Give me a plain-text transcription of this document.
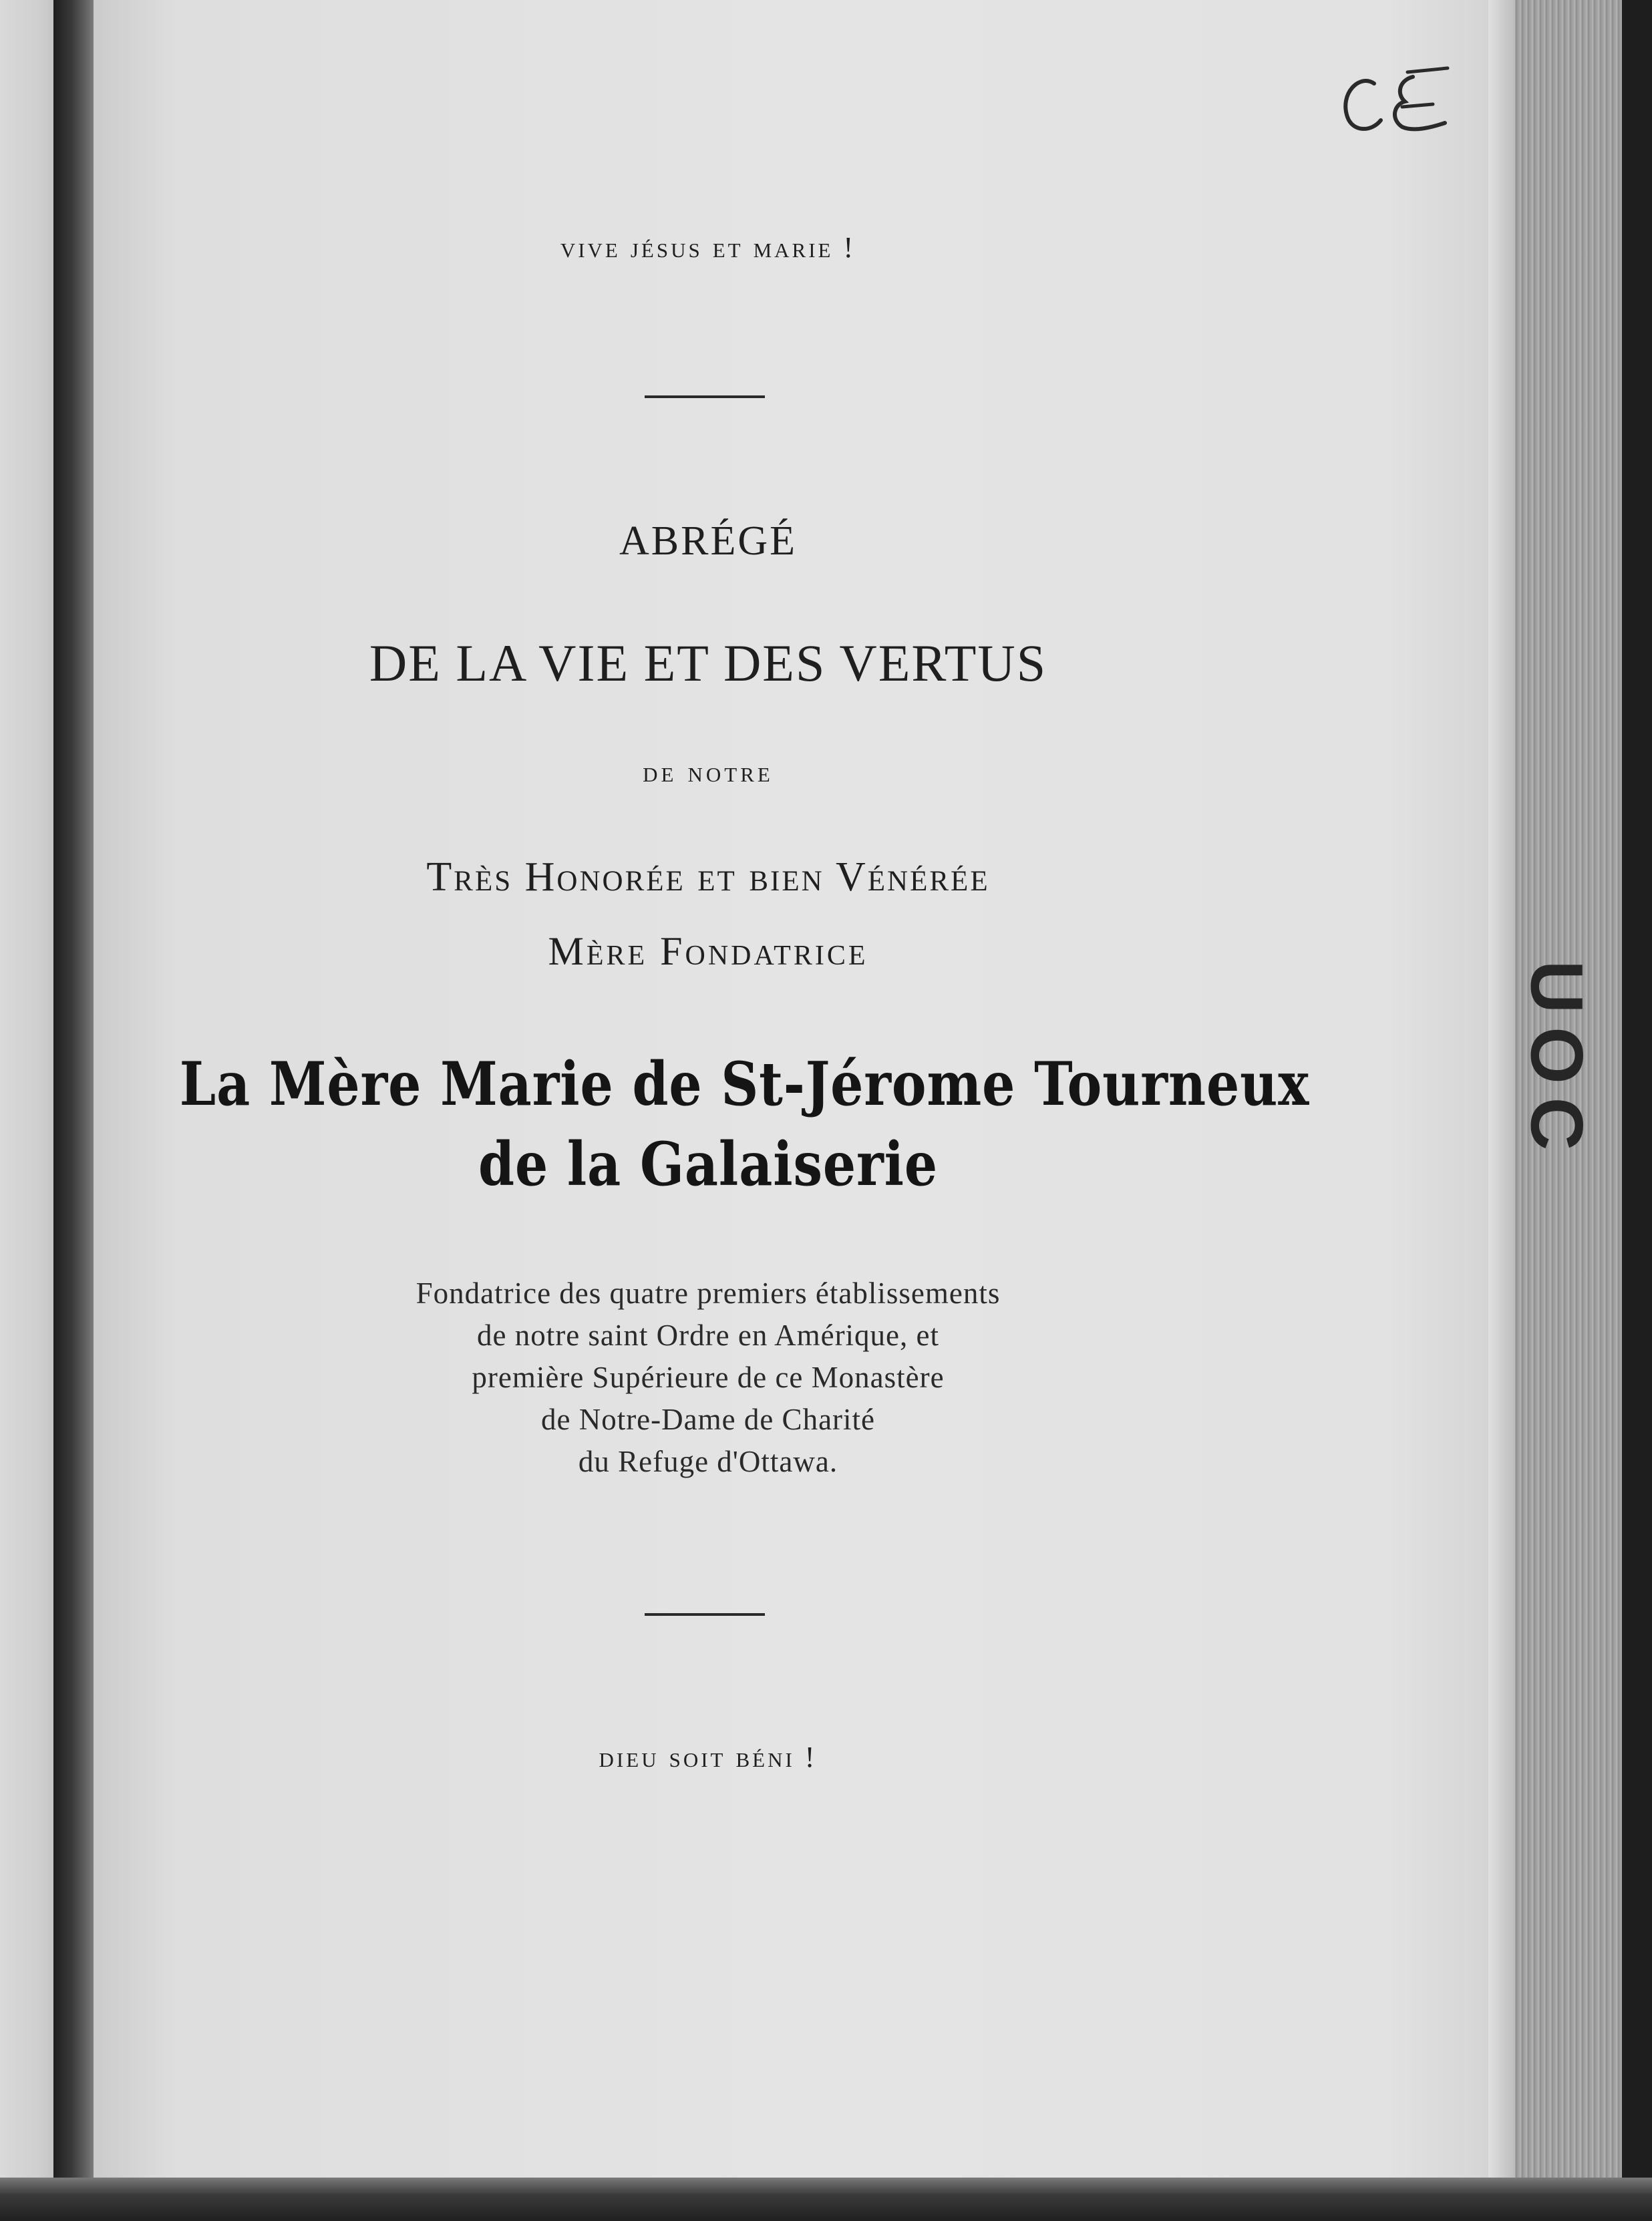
vive jésus et marie !
ABRÉGÉ
DE LA VIE ET DES VERTUS
de notre
Très Honorée et bien Vénérée
Mère Fondatrice
La Mère Marie de St-Jérome Tourneux
de la Galaiserie
Fondatrice des quatre premiers établissements
de notre saint Ordre en Amérique, et
première Supérieure de ce Monastère
de Notre-Dame de Charité
du Refuge d'Ottawa.
dieu soit béni !
UOC
